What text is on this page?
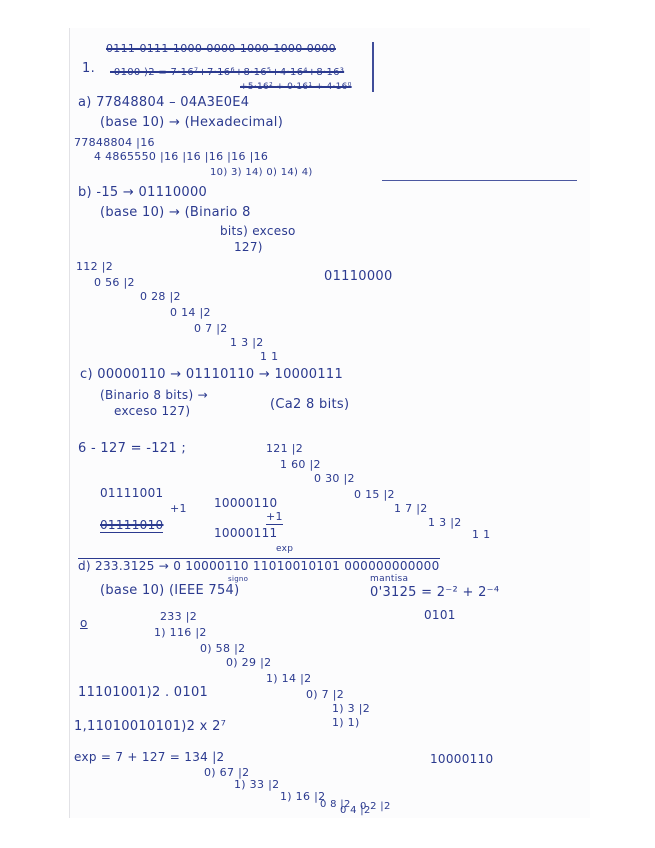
0111-0111-1000-0000-1000-1000-0000
1. -0100 )2 = 7·16⁷+7·16⁶+8·16⁵+4·16⁴+8·16³
+5·16² + 0·16¹ + 4·16⁰
a) 77848804 – 04A3E0E4
(base 10) → (Hexadecimal)
77848804 |16
4 4865550 |16 |16 |16 |16 |16
10) 3) 14) 0) 14) 4)
b) -15 → 01110000
(base 10) → (Binario 8
bits) exceso
127)
112 |2
0 56 |2
0 28 |2
0 14 |2
0 7 |2
1 3 |2
1 1
01110000
c) 00000110 → 01110110 → 10000111
(Binario 8 bits) →
exceso 127)	(Ca2 8 bits)
6 - 127 = -121 ;	121 |2
1 60 |2
0 30 |2
0 15 |2
1 7 |2
1 3 |2
1 1
01111001
+1
01111010
10000110
+1
10000111
d) 233.3125 → 0 10000110 11010010101 000000000000
exp
signo	mantisa
(base 10) (IEEE 754)	0'3125 = 2⁻² + 2⁻⁴
0101
233 |2
1) 116 |2
0) 58 |2
0) 29 |2
1) 14 |2
0) 7 |2
1) 3 |2
1) 1)
o
11101001)2 . 0101
1,11010010101)2 x 2⁷
exp = 7 + 127 = 134 |2
0) 67 |2
1) 33 |2
1) 16 |2
0 8 |2
0 4 |2
0 2 |2
10000110
